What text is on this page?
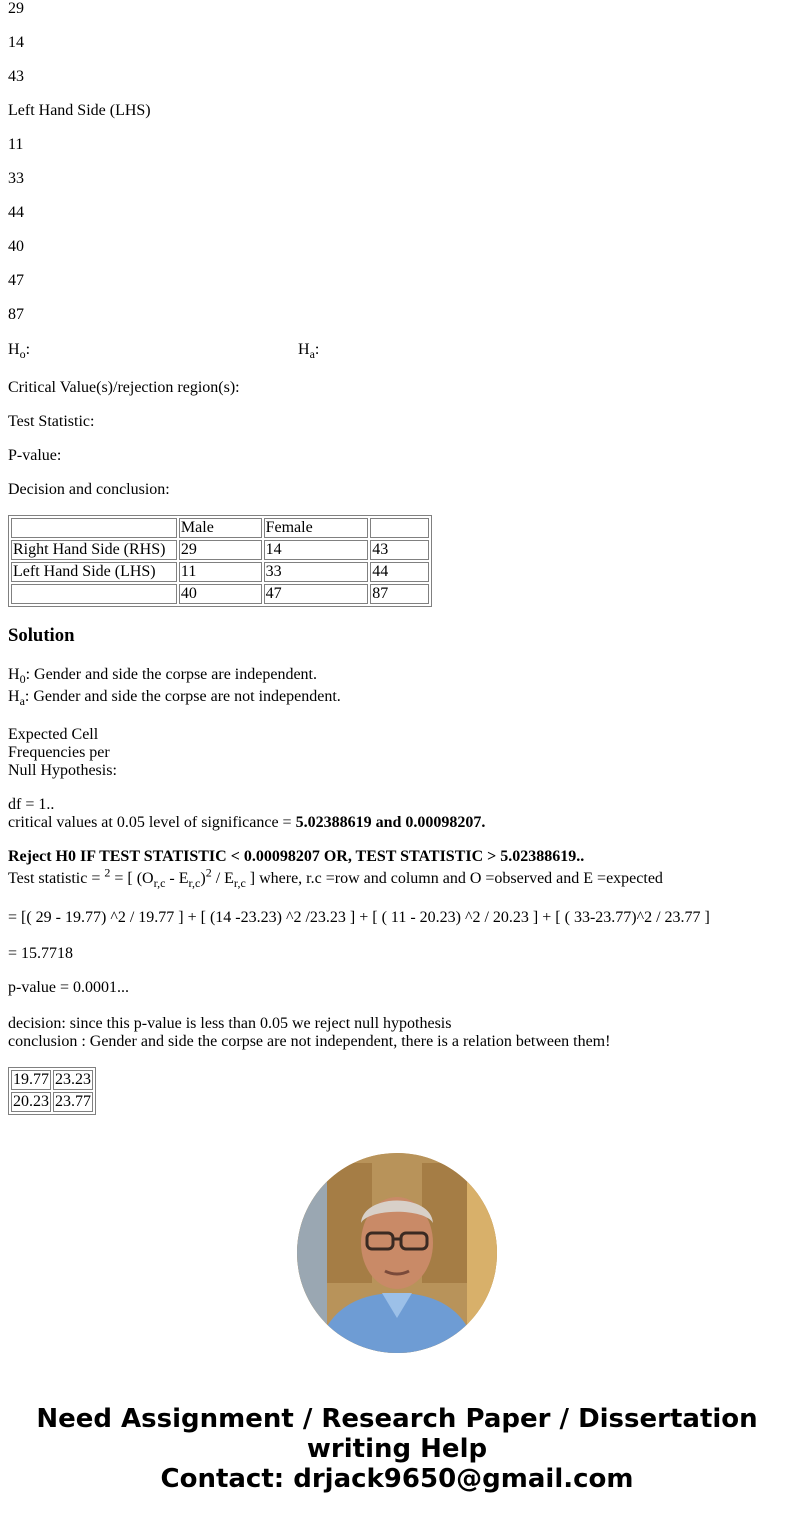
29
14
43
Left Hand Side (LHS)
11
33
44
40
47
87
$H_o$:	$H_a$:
Critical Value(s)/rejection region(s):
Test Statistic:
P-value:
Decision and conclusion:
	Male	Female	
Right Hand Side (RHS)	29	14	43
Left Hand Side (LHS)	11	33	44
	40	47	87
Solution
$H_0$: Gender and side the corpse are independent.
$H_a$: Gender and side the corpse are not independent.
Expected Cell
Frequencies per
Null Hypothesis:
df = 1..
critical values at 0.05 level of significance = 5.02388619 and 0.00098207.
Reject H0 IF TEST STATISTIC < 0.00098207 OR, TEST STATISTIC > 5.02388619..
Test statistic = $^2$ = [ $(O_{r,c} - E_{r,c})^2 / E_{r,c}$ ] where, r.c =row and column and O =observed and E =expected
= [( 29 - 19.77) ^2 / 19.77 ] + [ (14 -23.23) ^2 /23.23 ] + [ ( 11 - 20.23) ^2 / 20.23 ] + [ ( 33-23.77)^2 / 23.77 ]
= 15.7718
p-value = 0.0001...
decision: since this p-value is less than 0.05 we reject null hypothesis
conclusion : Gender and side the corpse are not independent, there is a relation between them!
19.77	23.23
20.23	23.77
Need Assignment / Research Paper / Dissertation
writing Help
Contact: drjack9650@gmail.com
